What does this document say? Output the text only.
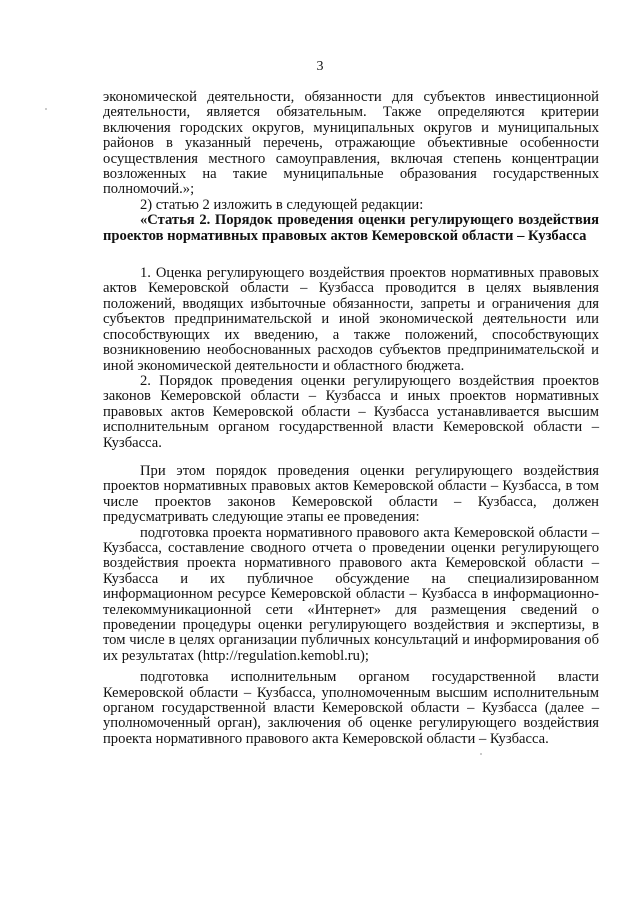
3

экономической деятельности, обязанности для субъектов инвестиционной деятельности, является обязательным. Также определяются критерии включения городских округов, муниципальных округов и муниципальных районов в указанный перечень, отражающие объективные особенности осуществления местного самоуправления, включая степень концентрации возложенных на такие муниципальные образования государственных полномочий.»;

2) статью 2 изложить в следующей редакции:

«Статья 2. Порядок проведения оценки регулирующего воздействия проектов нормативных правовых актов Кемеровской области – Кузбасса

1. Оценка регулирующего воздействия проектов нормативных правовых актов Кемеровской области – Кузбасса проводится в целях выявления положений, вводящих избыточные обязанности, запреты и ограничения для субъектов предпринимательской и иной экономической деятельности или способствующих их введению, а также положений, способствующих возникновению необоснованных расходов субъектов предпринимательской и иной экономической деятельности и областного бюджета.

2. Порядок проведения оценки регулирующего воздействия проектов законов Кемеровской области – Кузбасса и иных проектов нормативных правовых актов Кемеровской области – Кузбасса устанавливается высшим исполнительным органом государственной власти Кемеровской области – Кузбасса.

При этом порядок проведения оценки регулирующего воздействия проектов нормативных правовых актов Кемеровской области – Кузбасса, в том числе проектов законов Кемеровской области – Кузбасса, должен предусматривать следующие этапы ее проведения:

подготовка проекта нормативного правового акта Кемеровской области – Кузбасса, составление сводного отчета о проведении оценки регулирующего воздействия проекта нормативного правового акта Кемеровской области – Кузбасса и их публичное обсуждение на специализированном информационном ресурсе Кемеровской области – Кузбасса в информационно-телекоммуникационной сети «Интернет» для размещения сведений о проведении процедуры оценки регулирующего воздействия и экспертизы, в том числе в целях организации публичных консультаций и информирования об их результатах (http://regulation.kemobl.ru);

подготовка исполнительным органом государственной власти Кемеровской области – Кузбасса, уполномоченным высшим исполнительным органом государственной власти Кемеровской области – Кузбасса (далее – уполномоченный орган), заключения об оценке регулирующего воздействия проекта нормативного правового акта Кемеровской области – Кузбасса.
